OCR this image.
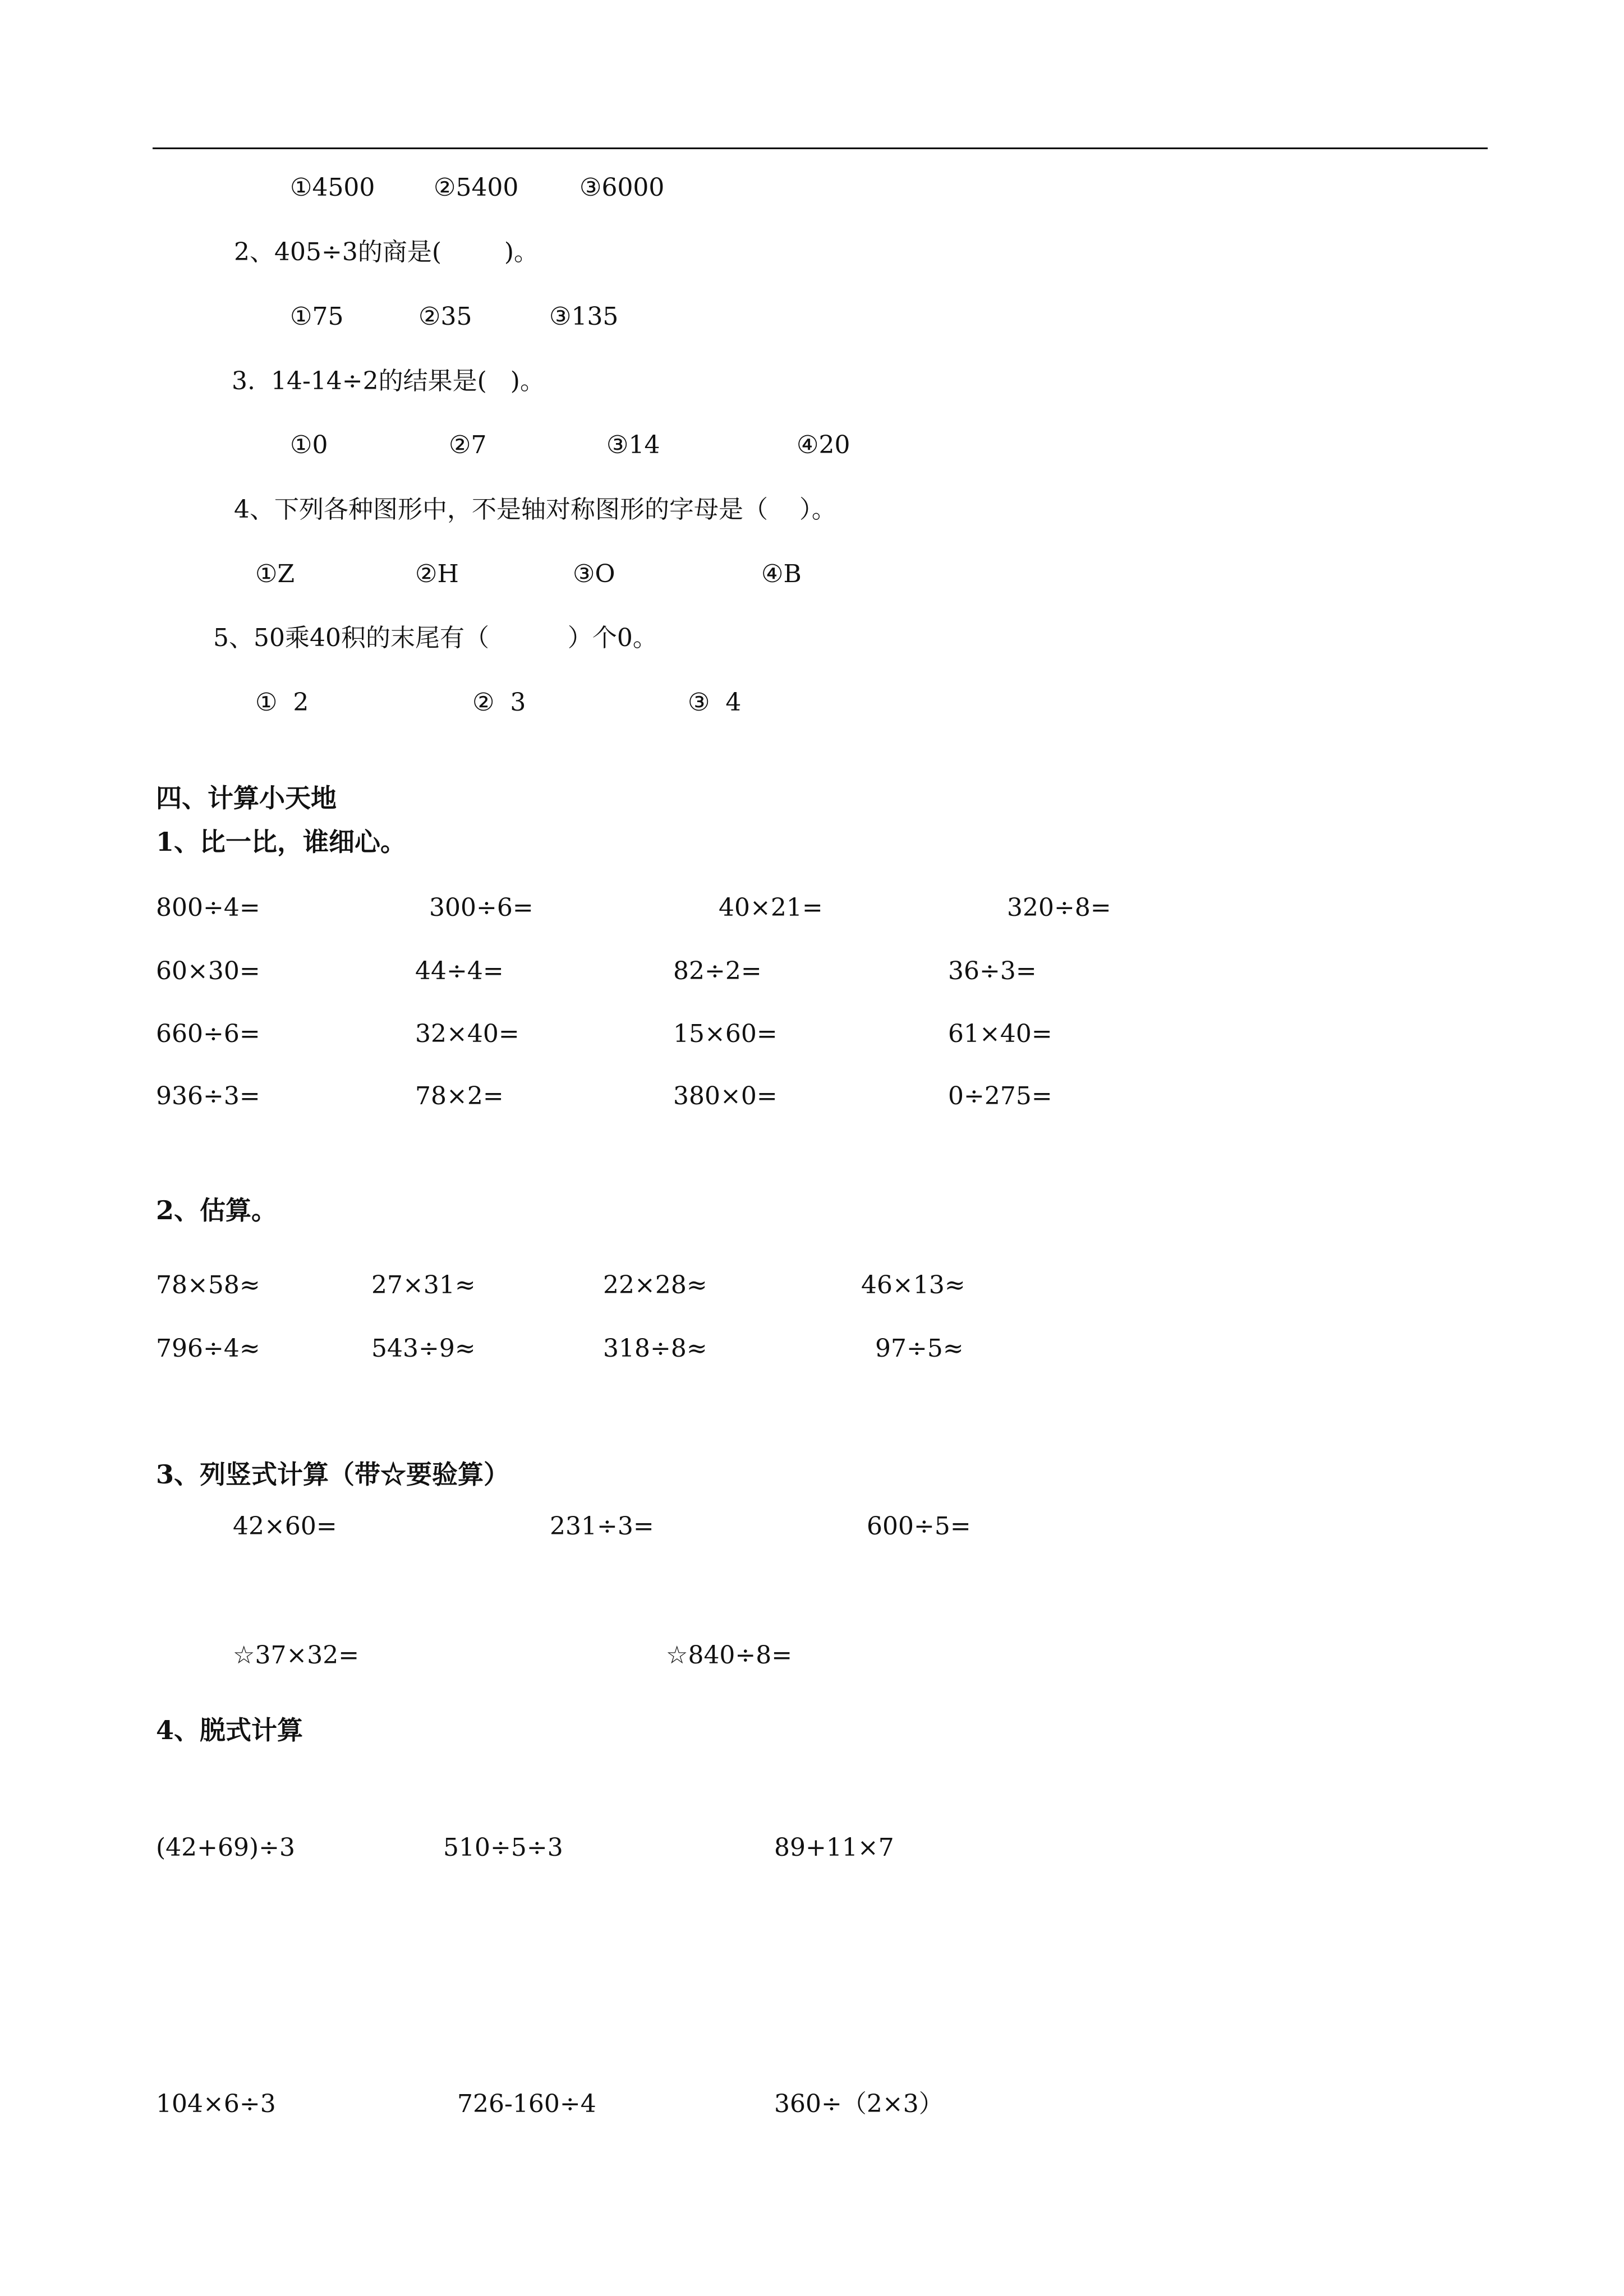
①4500 ②5400 ③6000
2、405÷3的商是(        )。
①75	②35	③135
3.  14-14÷2的结果是(   )。
①0	②7	③14	④20
4、下列各种图形中，不是轴对称图形的字母是（    ）。
①Z	②H	③O	④B
5、50乘40积的末尾有（          ）个0。
①  2	②  3	③  4
四、计算小天地
1、比一比，谁细心。
800÷4=	300÷6=	40×21=	320÷8=
60×30=	44÷4=	82÷2=	36÷3=
660÷6=	32×40=	15×60=	61×40=
936÷3=	78×2=	380×0=	0÷275=
2、估算。
78×58≈	27×31≈	22×28≈	46×13≈
796÷4≈	543÷9≈	318÷8≈	97÷5≈
3、列竖式计算（带☆要验算）
42×60=	231÷3=	600÷5=
☆37×32=	☆840÷8=
4、脱式计算
(42+69)÷3	510÷5÷3	89+11×7
104×6÷3	726-160÷4	360÷（2×3）
